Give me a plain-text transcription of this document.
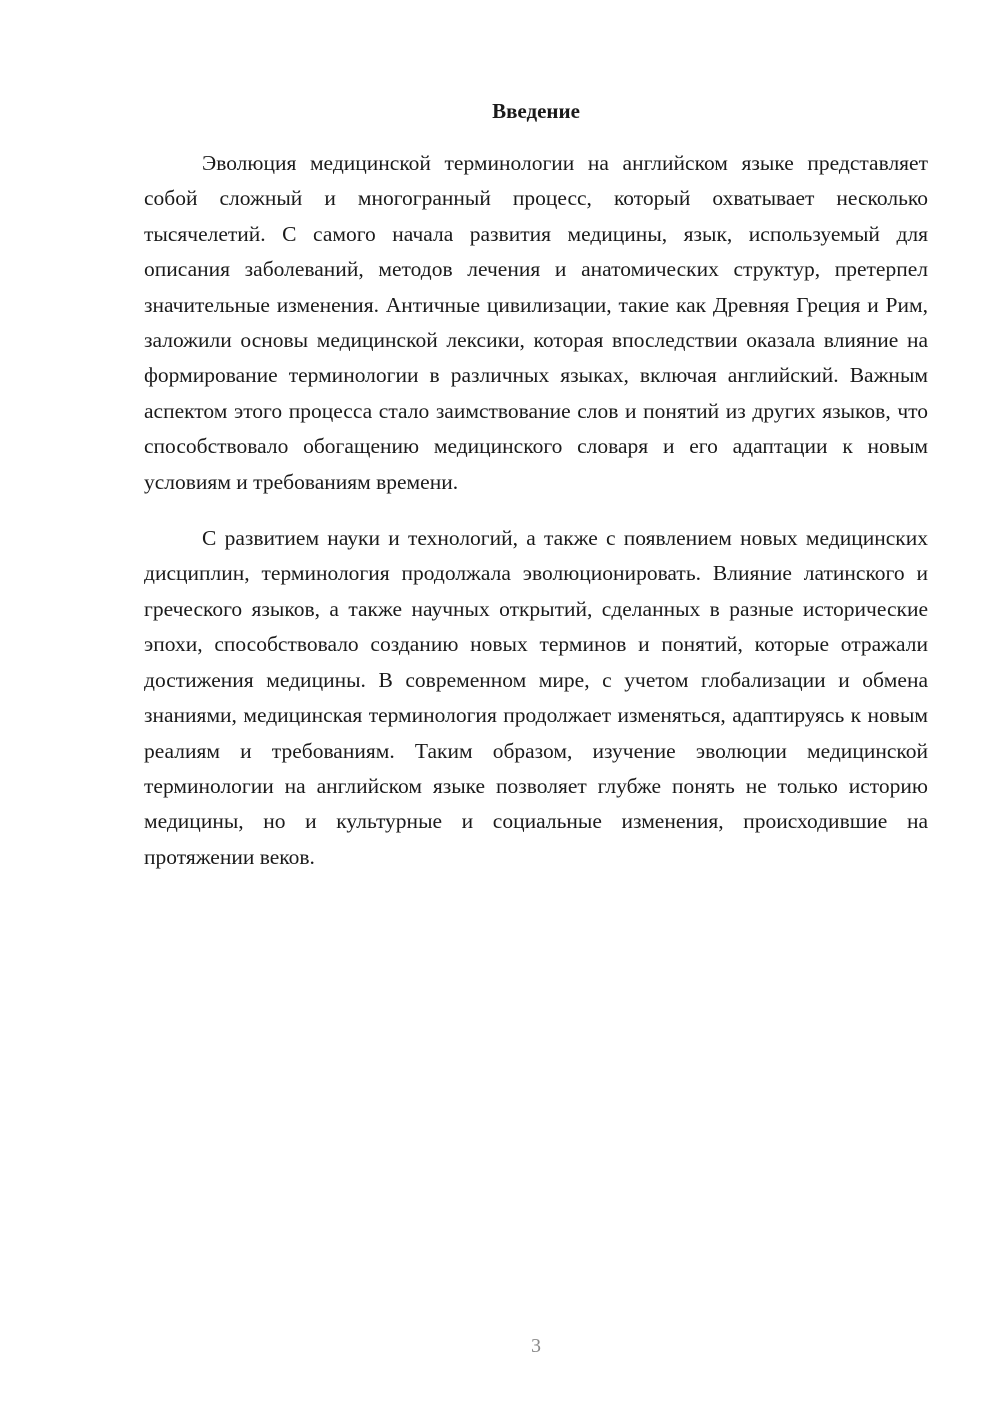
Введение

Эволюция медицинской терминологии на английском языке представляет собой сложный и многогранный процесс, который охватывает несколько тысячелетий. С самого начала развития медицины, язык, используемый для описания заболеваний, методов лечения и анатомических структур, претерпел значительные изменения. Античные цивилизации, такие как Древняя Греция и Рим, заложили основы медицинской лексики, которая впоследствии оказала влияние на формирование терминологии в различных языках, включая английский. Важным аспектом этого процесса стало заимствование слов и понятий из других языков, что способствовало обогащению медицинского словаря и его адаптации к новым условиям и требованиям времени.

С развитием науки и технологий, а также с появлением новых медицинских дисциплин, терминология продолжала эволюционировать. Влияние латинского и греческого языков, а также научных открытий, сделанных в разные исторические эпохи, способствовало созданию новых терминов и понятий, которые отражали достижения медицины. В современном мире, с учетом глобализации и обмена знаниями, медицинская терминология продолжает изменяться, адаптируясь к новым реалиям и требованиям. Таким образом, изучение эволюции медицинской терминологии на английском языке позволяет глубже понять не только историю медицины, но и культурные и социальные изменения, происходившие на протяжении веков.

3
